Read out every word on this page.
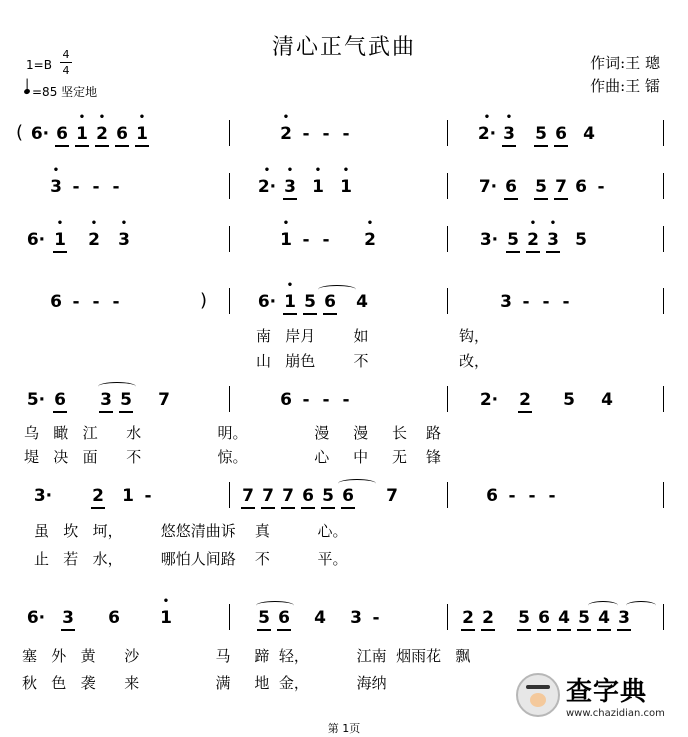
清心正气武曲
1=B
4
4
=85 坚定地
作词:王 璁
作曲:王 镭
( 6· 6 • 1 • 2 6 • 1	• 2 - - -	• 2· • 3 5 6 4
• 3 - - -	• 2· • 3 • 1 • 1	7· 6 5 7 6 -
6· • 1 • 2 • 3	• 1 - -	• 2	3· 5 • 2 • 3 5
)
6 - - -	6· • 1 5 6 4	3 - - -
南   岸月        如                   钩，
山   崩色        不                   改，
5· 6 3 5 7	6 - - -	2· 2 5 4
乌   瞰   江      水                明。              漫     漫     长    路
堤   决   面      不                惊。              心     中     无    锋
3·	2 1 -	7 7 7 6 5 6 7	6 - - -
虽   坎   坷，        悠悠清曲诉    真          心。
止   若   水，        哪怕人间路    不          平。
6· 3 6 • 1	5 6 4 3 -	2 2 5 6 4 5 4 3
塞   外   黄      沙                马     蹄  轻，          江南  烟雨花   飘
秋   色   袭      来                满     地  金，          海纳	查字典
www.chazidian.com
第 1页
